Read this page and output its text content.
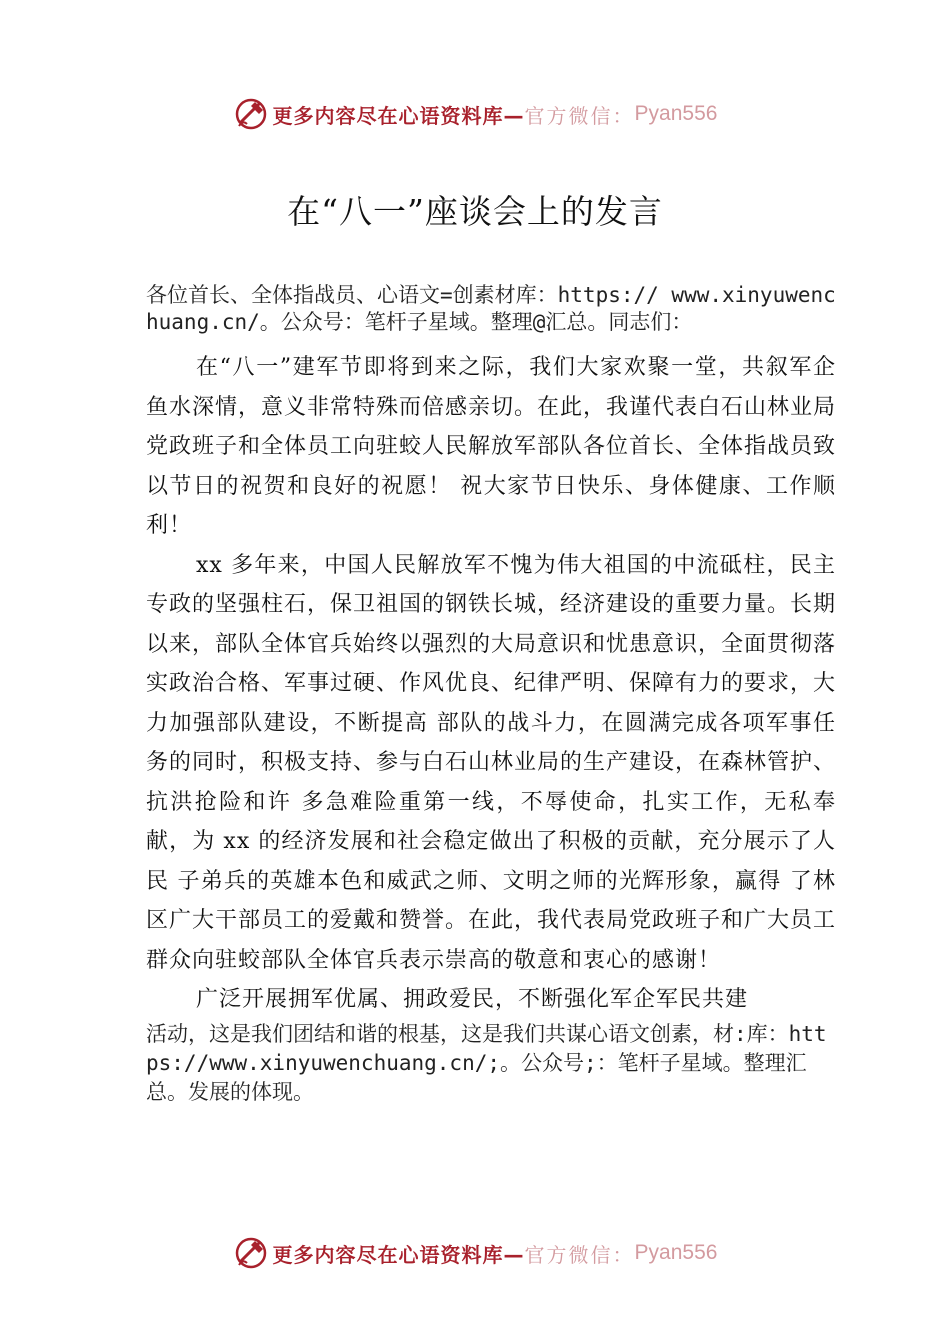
更多内容尽在心语资料库— 官方微信： Pyan556
在“八一”座谈会上的发言

各位首长、全体指战员、心语文=创素材库：https:// www.xinyuwenchuang.cn/。公众号：笔杆子星域。整理@汇总。同志们：

在“八一”建军节即将到来之际，我们大家欢聚一堂，共叙军企鱼水深情，意义非常特殊而倍感亲切。在此，我谨代表白石山林业局党政班子和全体员工向驻蛟人民解放军部队各位首长、全体指战员致以节日的祝贺和良好的祝愿！ 祝大家节日快乐、身体健康、工作顺利！

xx 多年来，中国人民解放军不愧为伟大祖国的中流砥柱，民主专政的坚强柱石，保卫祖国的钢铁长城，经济建设的重要力量。长期以来，部队全体官兵始终以强烈的大局意识和忧患意识，全面贯彻落实政治合格、军事过硬、作风优良、纪律严明、保障有力的要求，大力加强部队建设，不断提高 部队的战斗力，在圆满完成各项军事任务的同时，积极支持、参与白石山林业局的生产建设，在森林管护、抗洪抢险和许 多急难险重第一线，不辱使命，扎实工作，无私奉献，为 xx 的经济发展和社会稳定做出了积极的贡献，充分展示了人民 子弟兵的英雄本色和威武之师、文明之师的光辉形象，赢得 了林区广大干部员工的爱戴和赞誉。在此，我代表局党政班子和广大员工群众向驻蛟部队全体官兵表示崇高的敬意和衷心的感谢！

广泛开展拥军优属、拥政爱民，不断强化军企军民共建

活动，这是我们团结和谐的根基，这是我们共谋心语文创素，材:库：https://www.xinyuwenchuang.cn/;。公众号;：笔杆子星域。整理汇总。发展的体现。

更多内容尽在心语资料库— 官方微信： Pyan556
